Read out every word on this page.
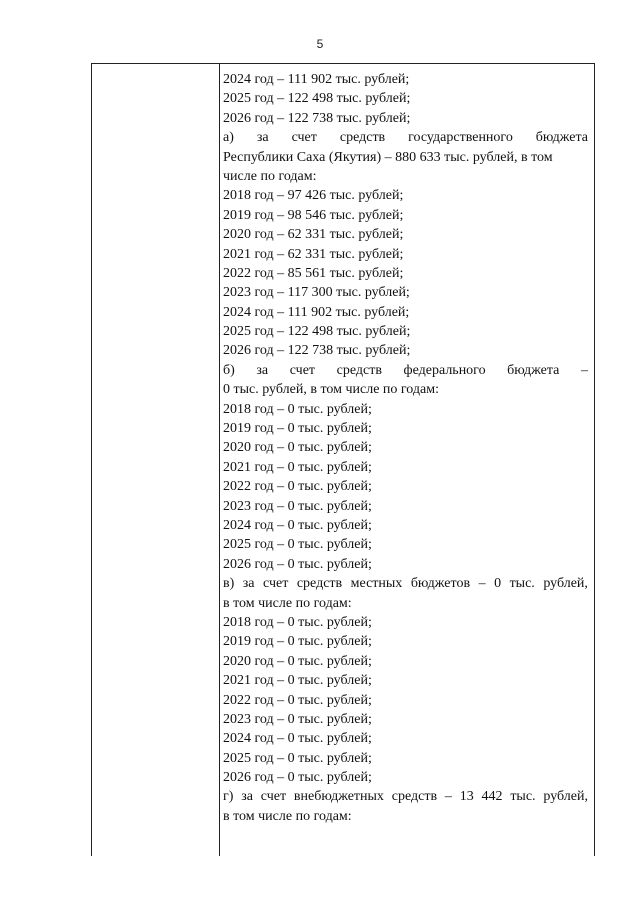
5
2024 год – 111 902 тыс. рублей;
2025 год – 122 498 тыс. рублей;
2026 год – 122 738 тыс. рублей;
а) за счет средств государственного бюджета
Республики Саха (Якутия) – 880 633 тыс. рублей, в том
числе по годам:
2018 год – 97 426 тыс. рублей;
2019 год – 98 546 тыс. рублей;
2020 год – 62 331 тыс. рублей;
2021 год – 62 331 тыс. рублей;
2022 год – 85 561 тыс. рублей;
2023 год – 117 300 тыс. рублей;
2024 год – 111 902 тыс. рублей;
2025 год – 122 498 тыс. рублей;
2026 год – 122 738 тыс. рублей;
б) за счет средств федерального бюджета –
0 тыс. рублей, в том числе по годам:
2018 год – 0 тыс. рублей;
2019 год – 0 тыс. рублей;
2020 год – 0 тыс. рублей;
2021 год – 0 тыс. рублей;
2022 год – 0 тыс. рублей;
2023 год – 0 тыс. рублей;
2024 год – 0 тыс. рублей;
2025 год – 0 тыс. рублей;
2026 год – 0 тыс. рублей;
в) за счет средств местных бюджетов – 0 тыс. рублей,
в том числе по годам:
2018 год – 0 тыс. рублей;
2019 год – 0 тыс. рублей;
2020 год – 0 тыс. рублей;
2021 год – 0 тыс. рублей;
2022 год – 0 тыс. рублей;
2023 год – 0 тыс. рублей;
2024 год – 0 тыс. рублей;
2025 год – 0 тыс. рублей;
2026 год – 0 тыс. рублей;
г) за счет внебюджетных средств – 13 442 тыс. рублей,
в том числе по годам:
